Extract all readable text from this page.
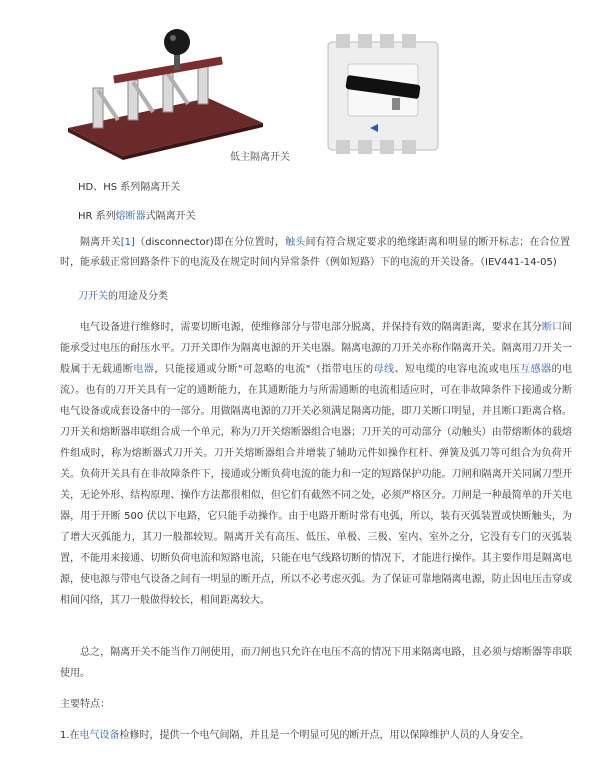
低主隔离开关
HD、HS 系列隔离开关
HR 系列熔断器式隔离开关
隔离开关[1]（disconnector)即在分位置时，触头间有符合规定要求的绝缘距离和明显的断开标志；在合位置时，能承载正常回路条件下的电流及在规定时间内异常条件（例如短路）下的电流的开关设备。（IEV441-14-05)
刀开关的用途及分类
电气设备进行维修时，需要切断电源，使维修部分与带电部分脱离，并保持有效的隔离距离，要求在其分断口间能承受过电压的耐压水平。刀开关即作为隔离电源的开关电器。隔离电源的刀开关亦称作隔离开关。隔离用刀开关一般属于无载通断电器，只能接通或分断"可忽略的电流"（指带电压的母线、短电缆的电容电流或电压互感器的电流）。也有的刀开关具有一定的通断能力，在其通断能力与所需通断的电流相适应时，可在非故障条件下接通或分断电气设备或成套设备中的一部分。用做隔离电源的刀开关必须满足隔离功能，即刀关断口明显，并且断口距离合格。刀开关和熔断器串联组合成一个单元，称为刀开关熔断器组合电器；刀开关的可动部分（动触头）由带熔断体的载熔件组成时，称为熔断器式刀开关。刀开关熔断器组合并增装了辅助元件如操作杠杆、弹簧及弧刀等可组合为负荷开关。负荷开关具有在非故障条件下，接通或分断负荷电流的能力和一定的短路保护功能。刀闸和隔离开关同属刀型开关，无论外形、结构原理、操作方法都很相似，但它们有截然不同之处，必须严格区分。刀闸是一种最简单的开关电器，用于开断 500 伏以下电路，它只能手动操作。由于电路开断时常有电弧，所以，装有灭弧装置或快断触头，为了增大灭弧能力，其刀一般都较短。隔离开关有高压、低压、单极、三极、室内、室外之分，它没有专门的灭弧装置，不能用来接通、切断负荷电流和短路电流，只能在电气线路切断的情况下，才能进行操作。其主要作用是隔离电源，使电源与带电气设备之间有一明显的断开点，所以不必考虑灭弧。为了保证可靠地隔离电源，防止因电压击穿或相间闪络，其刀一般做得较长，相间距离较大。
总之，隔离开关不能当作刀闸使用，而刀闸也只允许在电压不高的情况下用来隔离电路，且必须与熔断器等串联使用。
主要特点：
1.在电气设备检修时，提供一个电气间隔，并且是一个明显可见的断开点，用以保障维护人员的人身安全。
